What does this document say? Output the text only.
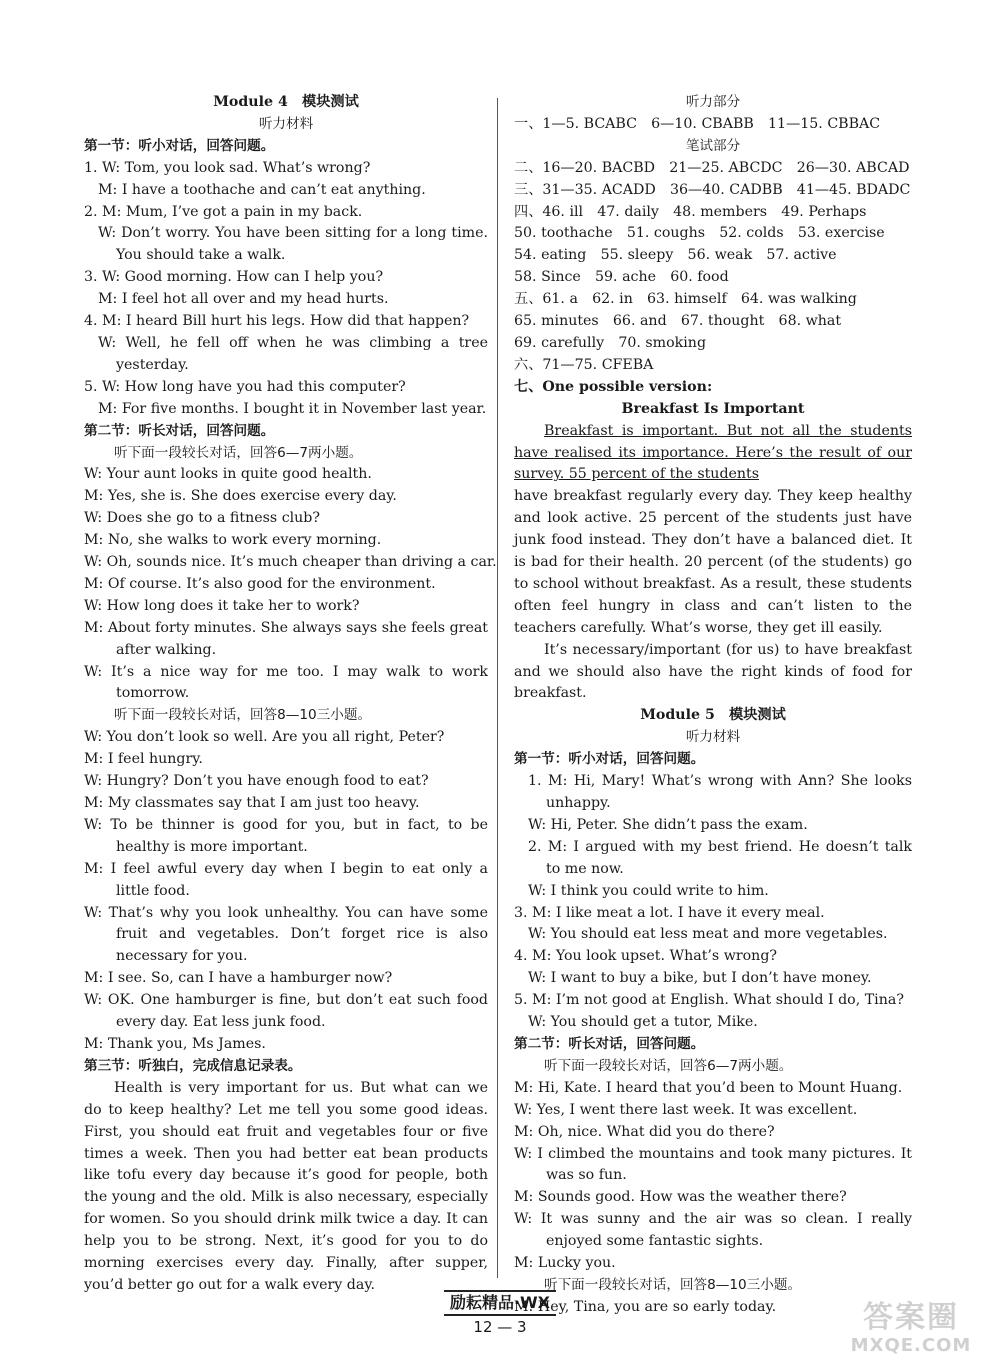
Module 4　模块测试
听力材料
第一节：听小对话，回答问题。
1. W: Tom, you look sad. What’s wrong?
M: I have a toothache and can’t eat anything.
2. M: Mum, I’ve got a pain in my back.
W: Don’t worry. You have been sitting for a long time. You should take a walk.
3. W: Good morning. How can I help you?
M: I feel hot all over and my head hurts.
4. M: I heard Bill hurt his legs. How did that happen?
W: Well, he fell off when he was climbing a tree yesterday.
5. W: How long have you had this computer?
M: For five months. I bought it in November last year.
第二节：听长对话，回答问题。
听下面一段较长对话，回答6—7两小题。
W: Your aunt looks in quite good health.
M: Yes, she is. She does exercise every day.
W: Does she go to a fitness club?
M: No, she walks to work every morning.
W: Oh, sounds nice. It’s much cheaper than driving a car.
M: Of course. It’s also good for the environment.
W: How long does it take her to work?
M: About forty minutes. She always says she feels great after walking.
W: It’s a nice way for me too. I may walk to work tomorrow.
听下面一段较长对话，回答8—10三小题。
W: You don’t look so well. Are you all right, Peter?
M: I feel hungry.
W: Hungry? Don’t you have enough food to eat?
M: My classmates say that I am just too heavy.
W: To be thinner is good for you, but in fact, to be healthy is more important.
M: I feel awful every day when I begin to eat only a little food.
W: That’s why you look unhealthy. You can have some fruit and vegetables. Don’t forget rice is also necessary for you.
M: I see. So, can I have a hamburger now?
W: OK. One hamburger is fine, but don’t eat such food every day. Eat less junk food.
M: Thank you, Ms James.
第三节：听独白，完成信息记录表。
Health is very important for us. But what can we do to keep healthy? Let me tell you some good ideas. First, you should eat fruit and vegetables four or five times a week. Then you had better eat bean products like tofu every day because it’s good for people, both the young and the old. Milk is also necessary, especially for women. So you should drink milk twice a day. It can help you to be strong. Next, it’s good for you to do morning exercises every day. Finally, after supper, you’d better go out for a walk every day.
听力部分
一、1—5. BCABC　6—10. CBABB　11—15. CBBAC
笔试部分
二、16—20. BACBD　21—25. ABCDC　26—30. ABCAD
三、31—35. ACADD　36—40. CADBB　41—45. BDADC
四、46. ill　47. daily　48. members　49. Perhaps
50. toothache　51. coughs　52. colds　53. exercise
54. eating　55. sleepy　56. weak　57. active
58. Since　59. ache　60. food
五、61. a　62. in　63. himself　64. was walking
65. minutes　66. and　67. thought　68. what
69. carefully　70. smoking
六、71—75. CFEBA
七、One possible version:
Breakfast Is Important
Breakfast is important. But not all the students have realised its importance. Here’s the result of our survey. 55 percent of the students
have breakfast regularly every day. They keep healthy and look active. 25 percent of the students just have junk food instead. They don’t have a balanced diet. It is bad for their health. 20 percent (of the students) go to school without breakfast. As a result, these students often feel hungry in class and can’t listen to the teachers carefully. What’s worse, they get ill easily.
It’s necessary/important (for us) to have breakfast and we should also have the right kinds of food for breakfast.
Module 5　模块测试
听力材料
第一节：听小对话，回答问题。
1. M: Hi, Mary! What’s wrong with Ann? She looks unhappy.
W: Hi, Peter. She didn’t pass the exam.
2. M: I argued with my best friend. He doesn’t talk to me now.
W: I think you could write to him.
3. M: I like meat a lot. I have it every meal.
W: You should eat less meat and more vegetables.
4. M: You look upset. What’s wrong?
W: I want to buy a bike, but I don’t have money.
5. M: I’m not good at English. What should I do, Tina?
W: You should get a tutor, Mike.
第二节：听长对话，回答问题。
听下面一段较长对话，回答6—7两小题。
M: Hi, Kate. I heard that you’d been to Mount Huang.
W: Yes, I went there last week. It was excellent.
M: Oh, nice. What did you do there?
W: I climbed the mountains and took many pictures. It was so fun.
M: Sounds good. How was the weather there?
W: It was sunny and the air was so clean. I really enjoyed some fantastic sights.
M: Lucky you.
听下面一段较长对话，回答8—10三小题。
M: Hey, Tina, you are so early today.
励耘精品·WX
12 — 3	答案圈
MXQE.COM
